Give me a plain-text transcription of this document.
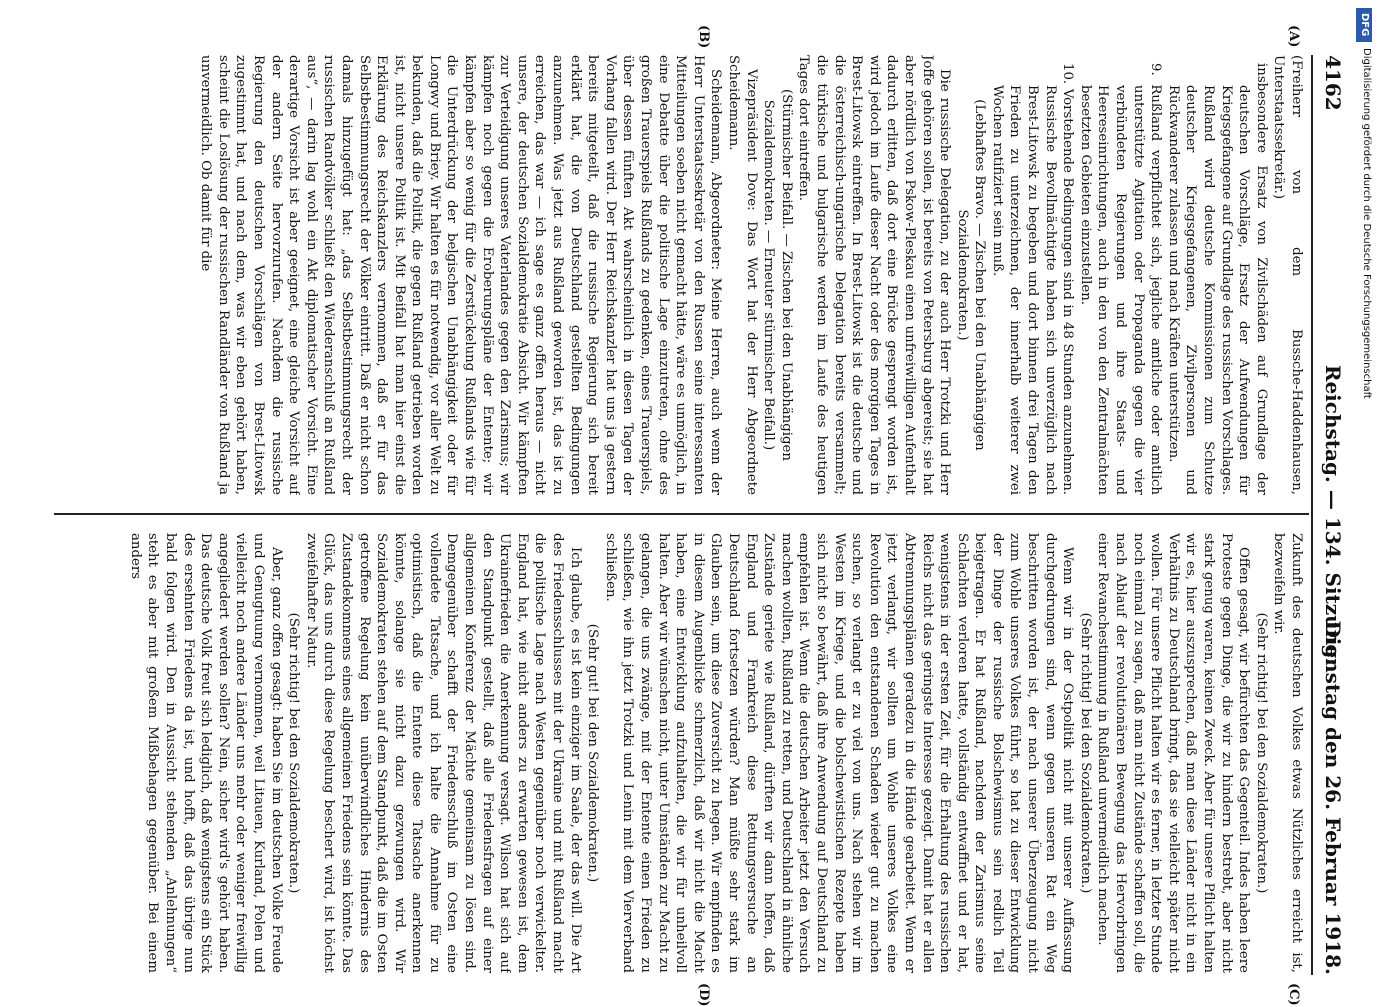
4162
Reichstag. — 134. Sitzung.
Dienstag den 26. Februar 1918.
(A)
(B)
(C)
(D)

(Freiherr von dem Bussche-Haddenhausen, Unterstaatssekretär.)

insbesondere Ersatz von Zivilschäden auf Grundlage der deutschen Vorschläge, Ersatz der Aufwendungen für Kriegsgefangene auf Grundlage des russischen Vorschlages. Rußland wird deutsche Kommissionen zum Schutze deutscher Kriegsgefangenen, Zivilpersonen und Rückwanderer zulassen und nach Kräften unterstützen.

9. Rußland verpflichtet sich, jegliche amtliche oder amtlich unterstützte Agitation oder Propaganda gegen die vier verbündeten Regierungen und ihre Staats- und Heereseinrichtungen, auch in den von den Zentralmächten besetzten Gebieten einzustellen.

10. Vorstehende Bedingungen sind in 48 Stunden anzunehmen. Russische Bevollmächtigte haben sich unverzüglich nach Brest-Litowsk zu begeben und dort binnen drei Tagen den Frieden zu unterzeichnen, der innerhalb weiterer zwei Wochen ratifiziert sein muß.

(Lebhaftes Bravo. — Zischen bei den Unabhängigen Sozialdemokraten.)

Die russische Delegation, zu der auch Herr Trotzki und Herr Joffe gehören sollen, ist bereits von Petersburg abgereist; sie hat aber nördlich von Pskow-Pleskau einen unfreiwilligen Aufenthalt dadurch erlitten, daß dort eine Brücke gesprengt worden ist, wird jedoch im Laufe dieser Nacht oder des morgigen Tages in Brest-Litowsk eintreffen. In Brest-Litowsk ist die deutsche und die österreichisch-ungarische Delegation bereits versammelt; die türkische und bulgarische werden im Laufe des heutigen Tages dort eintreffen.

(Stürmischer Beifall. — Zischen bei den Unabhängigen Sozialdemokraten. — Erneuter stürmischer Beifall.)

Vizepräsident Dove: Das Wort hat der Herr Abgeordnete Scheidemann.

Scheidemann, Abgeordneter: Meine Herren, auch wenn der Herr Unterstaatssekretär von den Russen seine interessanten Mitteilungen soeben nicht gemacht hätte, wäre es unmöglich, in eine Debatte über die politische Lage einzutreten, ohne des großen Trauerspiels Rußlands zu gedenken, eines Trauerspiels, über dessen fünften Akt wahrscheinlich in diesen Tagen der Vorhang fallen wird. Der Herr Reichskanzler hat uns ja gestern bereits mitgeteilt, daß die russische Regierung sich bereit erklärt hat, die von Deutschland gestellten Bedingungen anzunehmen. Was jetzt aus Rußland geworden ist, das ist zu erreichen, das war — ich sage es ganz offen heraus — nicht unsere, der deutschen Sozialdemokratie Absicht. Wir kämpften zur Verteidigung unseres Vaterlandes gegen den Zarismus; wir kämpfen noch gegen die Eroberungspläne der Entente; wir kämpfen aber so wenig für die Zerstückelung Rußlands wie für die Unterdrückung der belgischen Unabhängigkeit oder für Longwy und Briey. Wir halten es für notwendig, vor aller Welt zu bekunden, daß die Politik, die gegen Rußland getrieben worden ist, nicht unsere Politik ist. Mit Beifall hat man hier einst die Erklärung des Reichskanzlers vernommen, daß er für das Selbstbestimmungsrecht der Völker eintritt. Daß er nicht schon damals hinzugefügt hat: „das Selbstbestimmungsrecht der russischen Randvölker schließt den Wiederanschluß an Rußland aus“, — darin lag wohl ein Akt diplomatischer Vorsicht. Eine derartige Vorsicht ist aber geeignet, eine gleiche Vorsicht auf der andern Seite hervorzurufen. Nachdem die russische Regierung den deutschen Vorschlägen von Brest-Litowsk zugestimmt hat, und nach dem, was wir eben gehört haben, scheint die Loslösung der russischen Randländer von Rußland ja unvermeidlich. Ob damit für die

Zukunft des deutschen Volkes etwas Nützliches erreicht ist, bezweifeln wir.

(Sehr richtig! bei den Sozialdemokraten.)

Offen gesagt, wir befürchten das Gegenteil. Indes haben leere Proteste gegen Dinge, die wir zu hindern bestrebt, aber nicht stark genug waren, keinen Zweck. Aber für unsere Pflicht halten wir es, hier auszusprechen, daß man diese Länder nicht in ein Verhältnis zu Deutschland bringt, das sie vielleicht später nicht wollen. Für unsere Pflicht halten wir es ferner, in letzter Stunde noch einmal zu sagen, daß man nicht Zustände schaffen soll, die nach Ablauf der revolutionären Bewegung das Hervorbringen einer Revanchestimmung in Rußland unvermeidlich machen.

(Sehr richtig! bei den Sozialdemokraten.)

Wenn wir in der Ostpolitik nicht mit unserer Auffassung durchgedrungen sind, wenn gegen unseren Rat ein Weg beschritten worden ist, der nach unserer Überzeugung nicht zum Wohle unseres Volkes führt, so hat zu dieser Entwicklung der Dinge der russische Bolschewismus sein redlich Teil beigetragen. Er hat Rußland, nachdem der Zarismus seine Schlachten verloren hatte, vollständig entwaffnet und er hat, wenigstens in der ersten Zeit, für die Erhaltung des russischen Reichs nicht das geringste Interesse gezeigt. Damit hat er allen Abtrennungsplänen geradezu in die Hände gearbeitet. Wenn er jetzt verlangt, wir sollten um Wohle unseres Volkes eine Revolution den entstandenen Schaden wieder gut zu machen suchen, so verlangt er zu viel von uns. Nach stehen wir im Westen im Kriege, und die bolschewistischen Rezepte haben sich nicht so bewährt, daß ihre Anwendung auf Deutschland zu empfehlen ist. Wenn die deutschen Arbeiter jetzt den Versuch machen wollten, Rußland zu retten, und Deutschland in ähnliche Zustände geriete wie Rußland, dürften wir dann hoffen, daß England und Frankreich diese Rettungsversuche an Deutschland fortsetzen würden? Man müßte sehr stark im Glauben sein, um diese Zuversicht zu hegen. Wir empfinden es in diesem Augenblicke schmerzlich, daß wir nicht die Macht haben, eine Entwicklung aufzuhalten, die wir für unheilvoll halten. Aber wir wünschen nicht, unter Umständen zur Macht zu gelangen, die uns zwänge, mit der Entente einen Frieden zu schließen, wie ihn jetzt Trotzki und Lenin mit dem Vierverband schließen.

(Sehr gut! bei den Sozialdemokraten.)

Ich glaube, es ist kein einziger im Saale, der das will. Die Art des Friedensschlusses mit der Ukraine und mit Rußland macht die politische Lage nach Westen gegenüber noch verwickelter. England hat, wie nicht anders zu erwarten gewesen ist, dem Ukrainefrieden die Anerkennung versagt. Wilson hat sich auf den Standpunkt gestellt, daß alle Friedensfragen auf einer allgemeinen Konferenz der Mächte gemeinsam zu lösen sind. Demgegenüber schafft der Friedensschluß im Osten eine vollendete Tatsache, und ich halte die Annahme für zu optimistisch, daß die Entente diese Tatsache anerkennen könnte, solange sie nicht dazu gezwungen wird. Wir Sozialdemokraten stehen auf dem Standpunkt, daß die im Osten getroffene Regelung kein unüberwindliches Hindernis des Zustandekommens eines allgemeinen Friedens sein könnte. Das Glück, das uns durch diese Regelung beschert wird, ist höchst zweifelhafter Natur.

(Sehr richtig! bei den Sozialdemokraten.)

Aber, ganz offen gesagt: haben Sie im deutschen Volke Freude und Genugtuung vernommen, weil Litauen, Kurland, Polen und vielleicht noch andere Länder uns mehr oder weniger freiwillig angegliedert werden sollen? Nein, sicher wird's gehört haben. Das deutsche Volk freut sich lediglich, daß wenigstens ein Stück des ersehnten Friedens da ist, und hofft, daß das übrige nun bald folgen wird. Den in Aussicht stehenden „Anlehnungen“ steht es aber mit großem Mißbehagen gegenüber. Bei einem anders

DFG
Digitalisierung gefördert durch die Deutsche Forschungsgemeinschaft
